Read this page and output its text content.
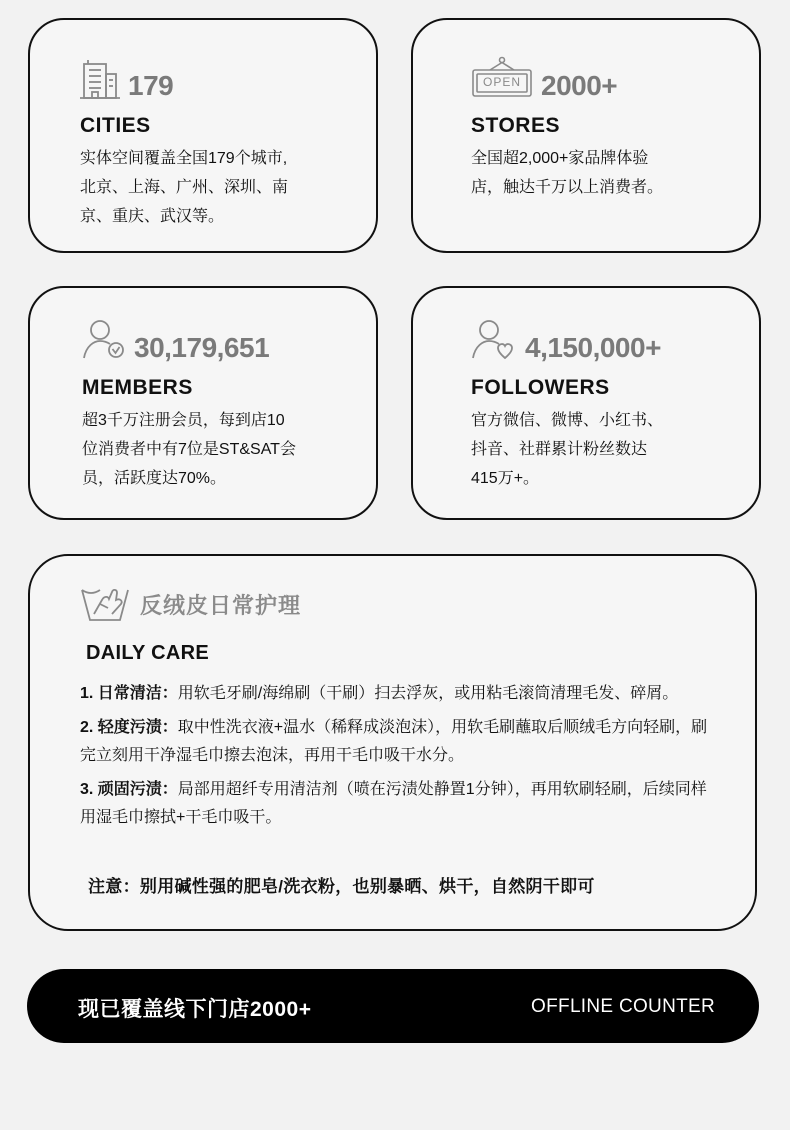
179
CITIES
实体空间覆盖全国179个城市,
北京、上海、广州、深圳、南
京、重庆、武汉等。
OPEN 2000+
STORES
全国超2,000+家品牌体验
店，触达千万以上消费者。
30,179,651
MEMBERS
超3千万注册会员，每到店10
位消费者中有7位是ST&SAT会
员，活跃度达70%。
4,150,000+
FOLLOWERS
官方微信、微博、小红书、
抖音、社群累计粉丝数达
415万+。
反绒皮日常护理
DAILY CARE
1. 日常清洁：用软毛牙刷/海绵刷（干刷）扫去浮灰，或用粘毛滚筒清理毛发、碎屑。
2. 轻度污渍：取中性洗衣液+温水（稀释成淡泡沫），用软毛刷蘸取后顺绒毛方向轻刷，刷完立刻用干净湿毛巾擦去泡沫，再用干毛巾吸干水分。
3. 顽固污渍：局部用超纤专用清洁剂（喷在污渍处静置1分钟），再用软刷轻刷，后续同样用湿毛巾擦拭+干毛巾吸干。
注意：别用碱性强的肥皂/洗衣粉，也别暴晒、烘干，自然阴干即可
现已覆盖线下门店2000+	OFFLINE COUNTER
